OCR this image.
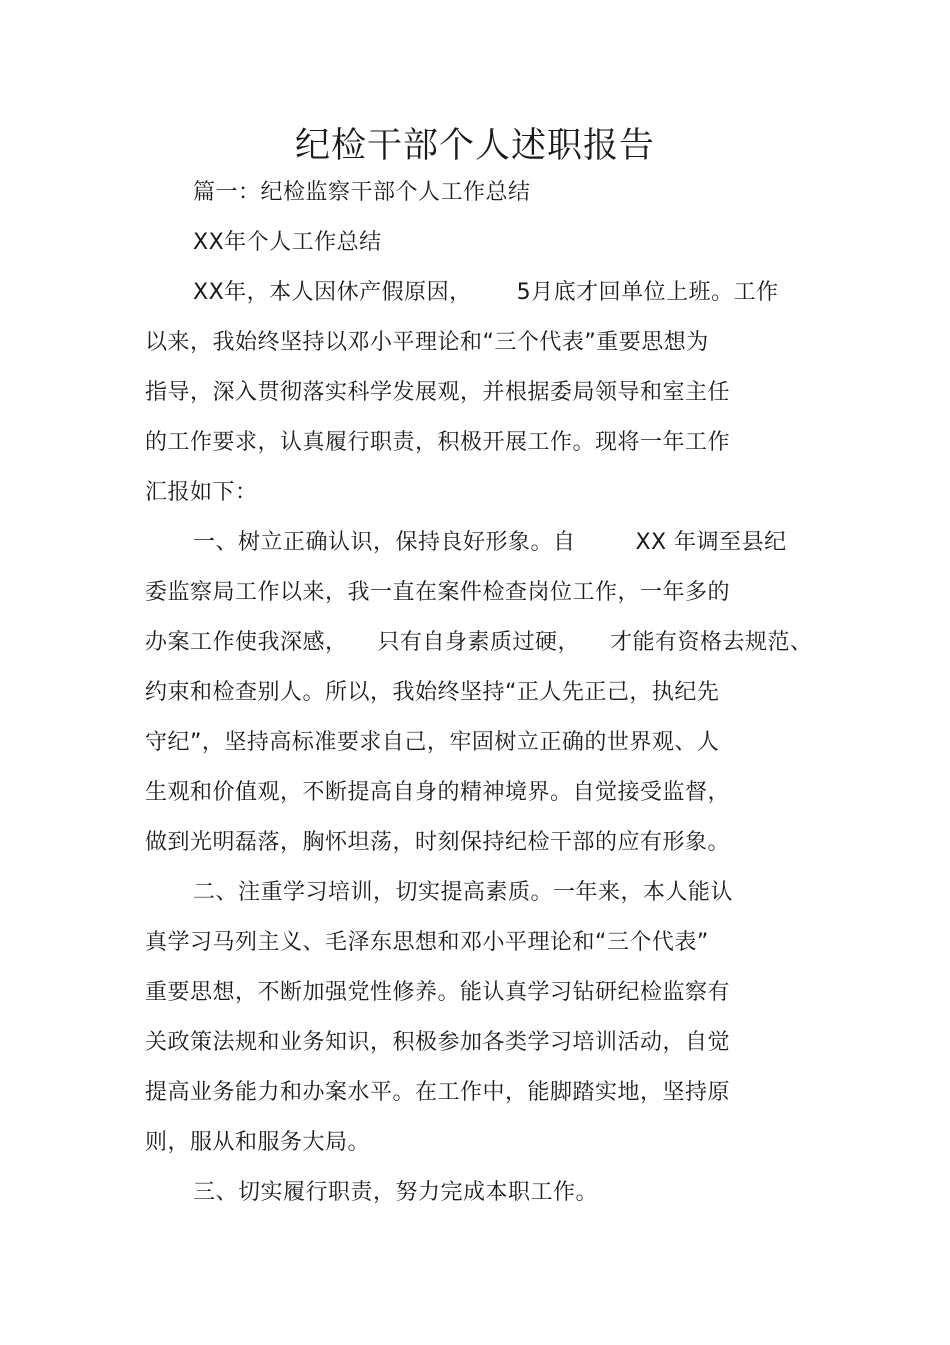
纪检干部个人述职报告
篇一：纪检监察干部个人工作总结
XX年个人工作总结
XX年，本人因休产假原因，      5月底才回单位上班。工作
以来，我始终坚持以邓小平理论和“三个代表”重要思想为
指导，深入贯彻落实科学发展观，并根据委局领导和室主任
的工作要求，认真履行职责，积极开展工作。现将一年工作
汇报如下：
一、树立正确认识，保持良好形象。自        XX 年调至县纪
委监察局工作以来，我一直在案件检查岗位工作，一年多的
办案工作使我深感，    只有自身素质过硬，    才能有资格去规范、
约束和检查别人。所以，我始终坚持“正人先正己，执纪先
守纪”，坚持高标准要求自己，牢固树立正确的世界观、人
生观和价值观，不断提高自身的精神境界。自觉接受监督，
做到光明磊落，胸怀坦荡，时刻保持纪检干部的应有形象。
二、注重学习培训，切实提高素质。一年来，本人能认
真学习马列主义、毛泽东思想和邓小平理论和“三个代表”
重要思想，不断加强党性修养。能认真学习钻研纪检监察有
关政策法规和业务知识，积极参加各类学习培训活动，自觉
提高业务能力和办案水平。在工作中，能脚踏实地，坚持原
则，服从和服务大局。
三、切实履行职责，努力完成本职工作。
